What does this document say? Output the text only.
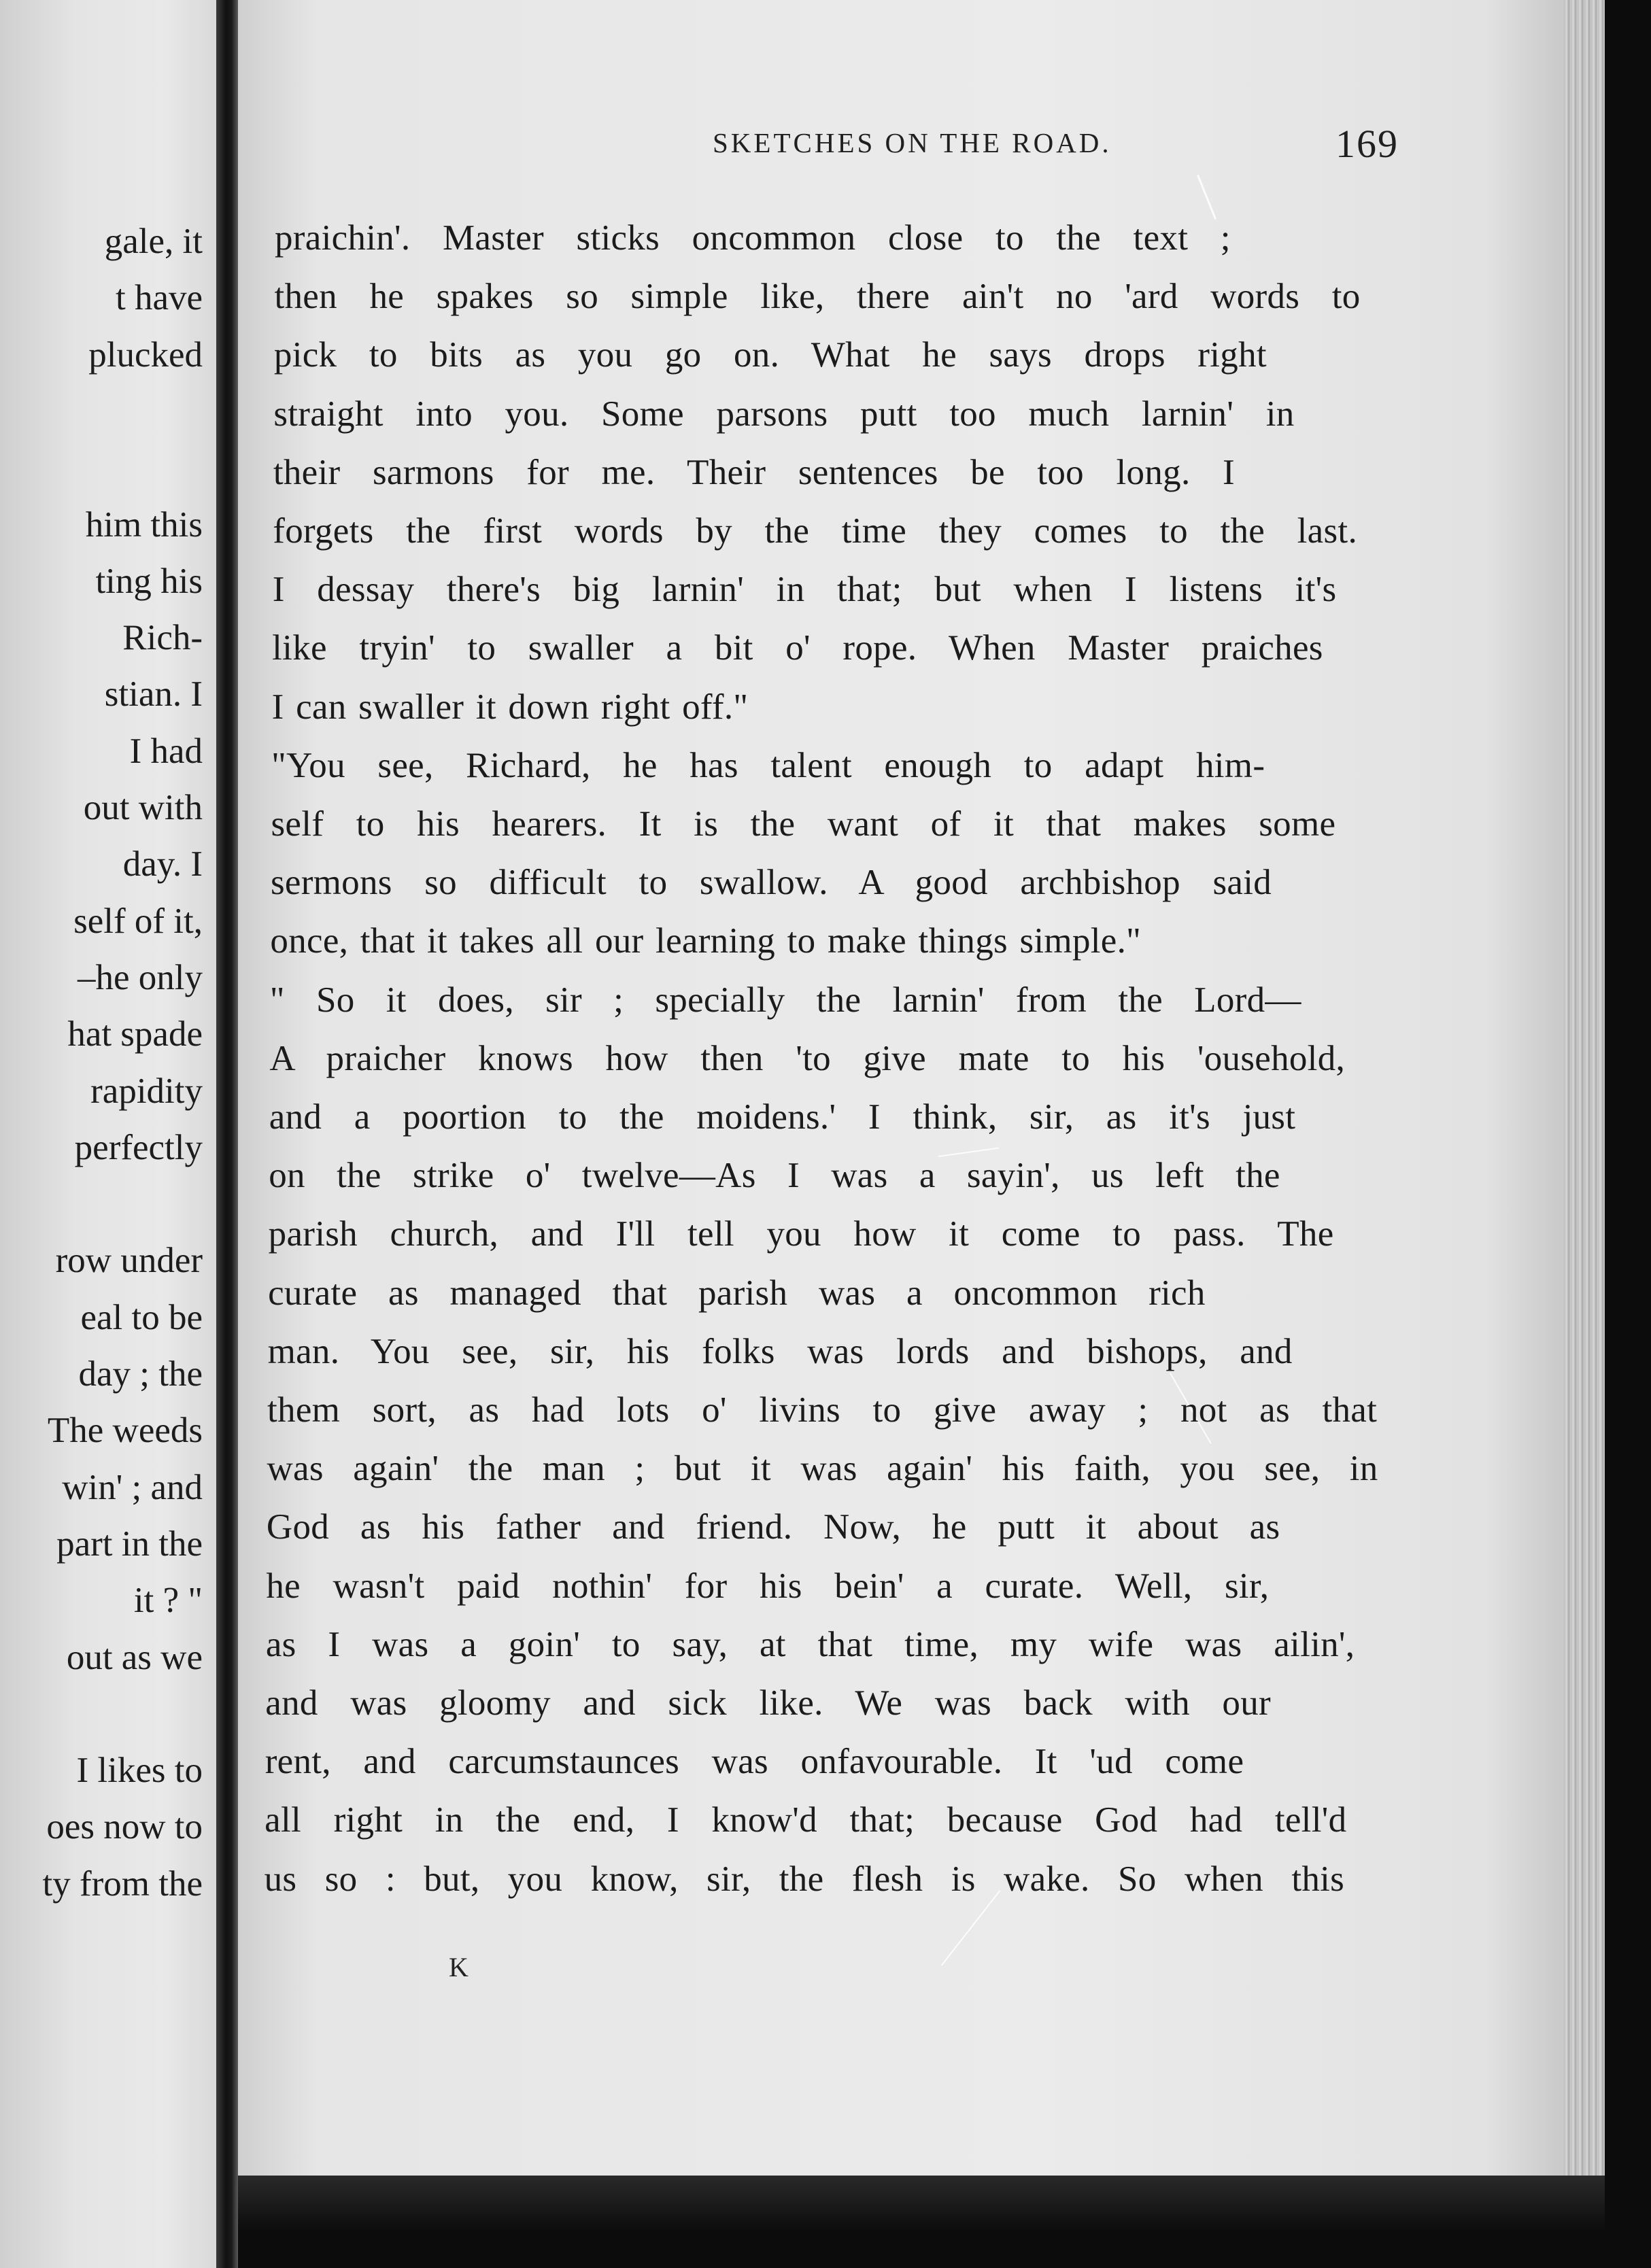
gale, it
t have
plucked
him this
ting his
Rich-
stian. I
I had
out with
day. I
self of it,
–he only
hat spade
rapidity
perfectly
row under
eal to be
day ; the
The weeds
win' ; and
part in the
it ? "
out as we
I likes to
oes now to
ty from the
SKETCHES ON THE ROAD.	169
praichin'. Master sticks oncommon close to the text ;
then he spakes so simple like, there ain't no 'ard words to
pick to bits as you go on. What he says drops right
straight into you. Some parsons putt too much larnin' in
their sarmons for me. Their sentences be too long. I
forgets the first words by the time they comes to the last.
I dessay there's big larnin' in that; but when I listens it's
like tryin' to swaller a bit o' rope. When Master praiches
I can swaller it down right off."
"You see, Richard, he has talent enough to adapt him-
self to his hearers. It is the want of it that makes some
sermons so difficult to swallow. A good archbishop said
once, that it takes all our learning to make things simple."
" So it does, sir ; specially the larnin' from the Lord—
A praicher knows how then 'to give mate to his 'ousehold,
and a poortion to the moidens.' I think, sir, as it's just
on the strike o' twelve—As I was a sayin', us left the
parish church, and I'll tell you how it come to pass. The
curate as managed that parish was a oncommon rich
man. You see, sir, his folks was lords and bishops, and
them sort, as had lots o' livins to give away ; not as that
was again' the man ; but it was again' his faith, you see, in
God as his father and friend. Now, he putt it about as
he wasn't paid nothin' for his bein' a curate. Well, sir,
as I was a goin' to say, at that time, my wife was ailin',
and was gloomy and sick like. We was back with our
rent, and carcumstaunces was onfavourable. It 'ud come
all right in the end, I know'd that; because God had tell'd
us so : but, you know, sir, the flesh is wake. So when this
K
